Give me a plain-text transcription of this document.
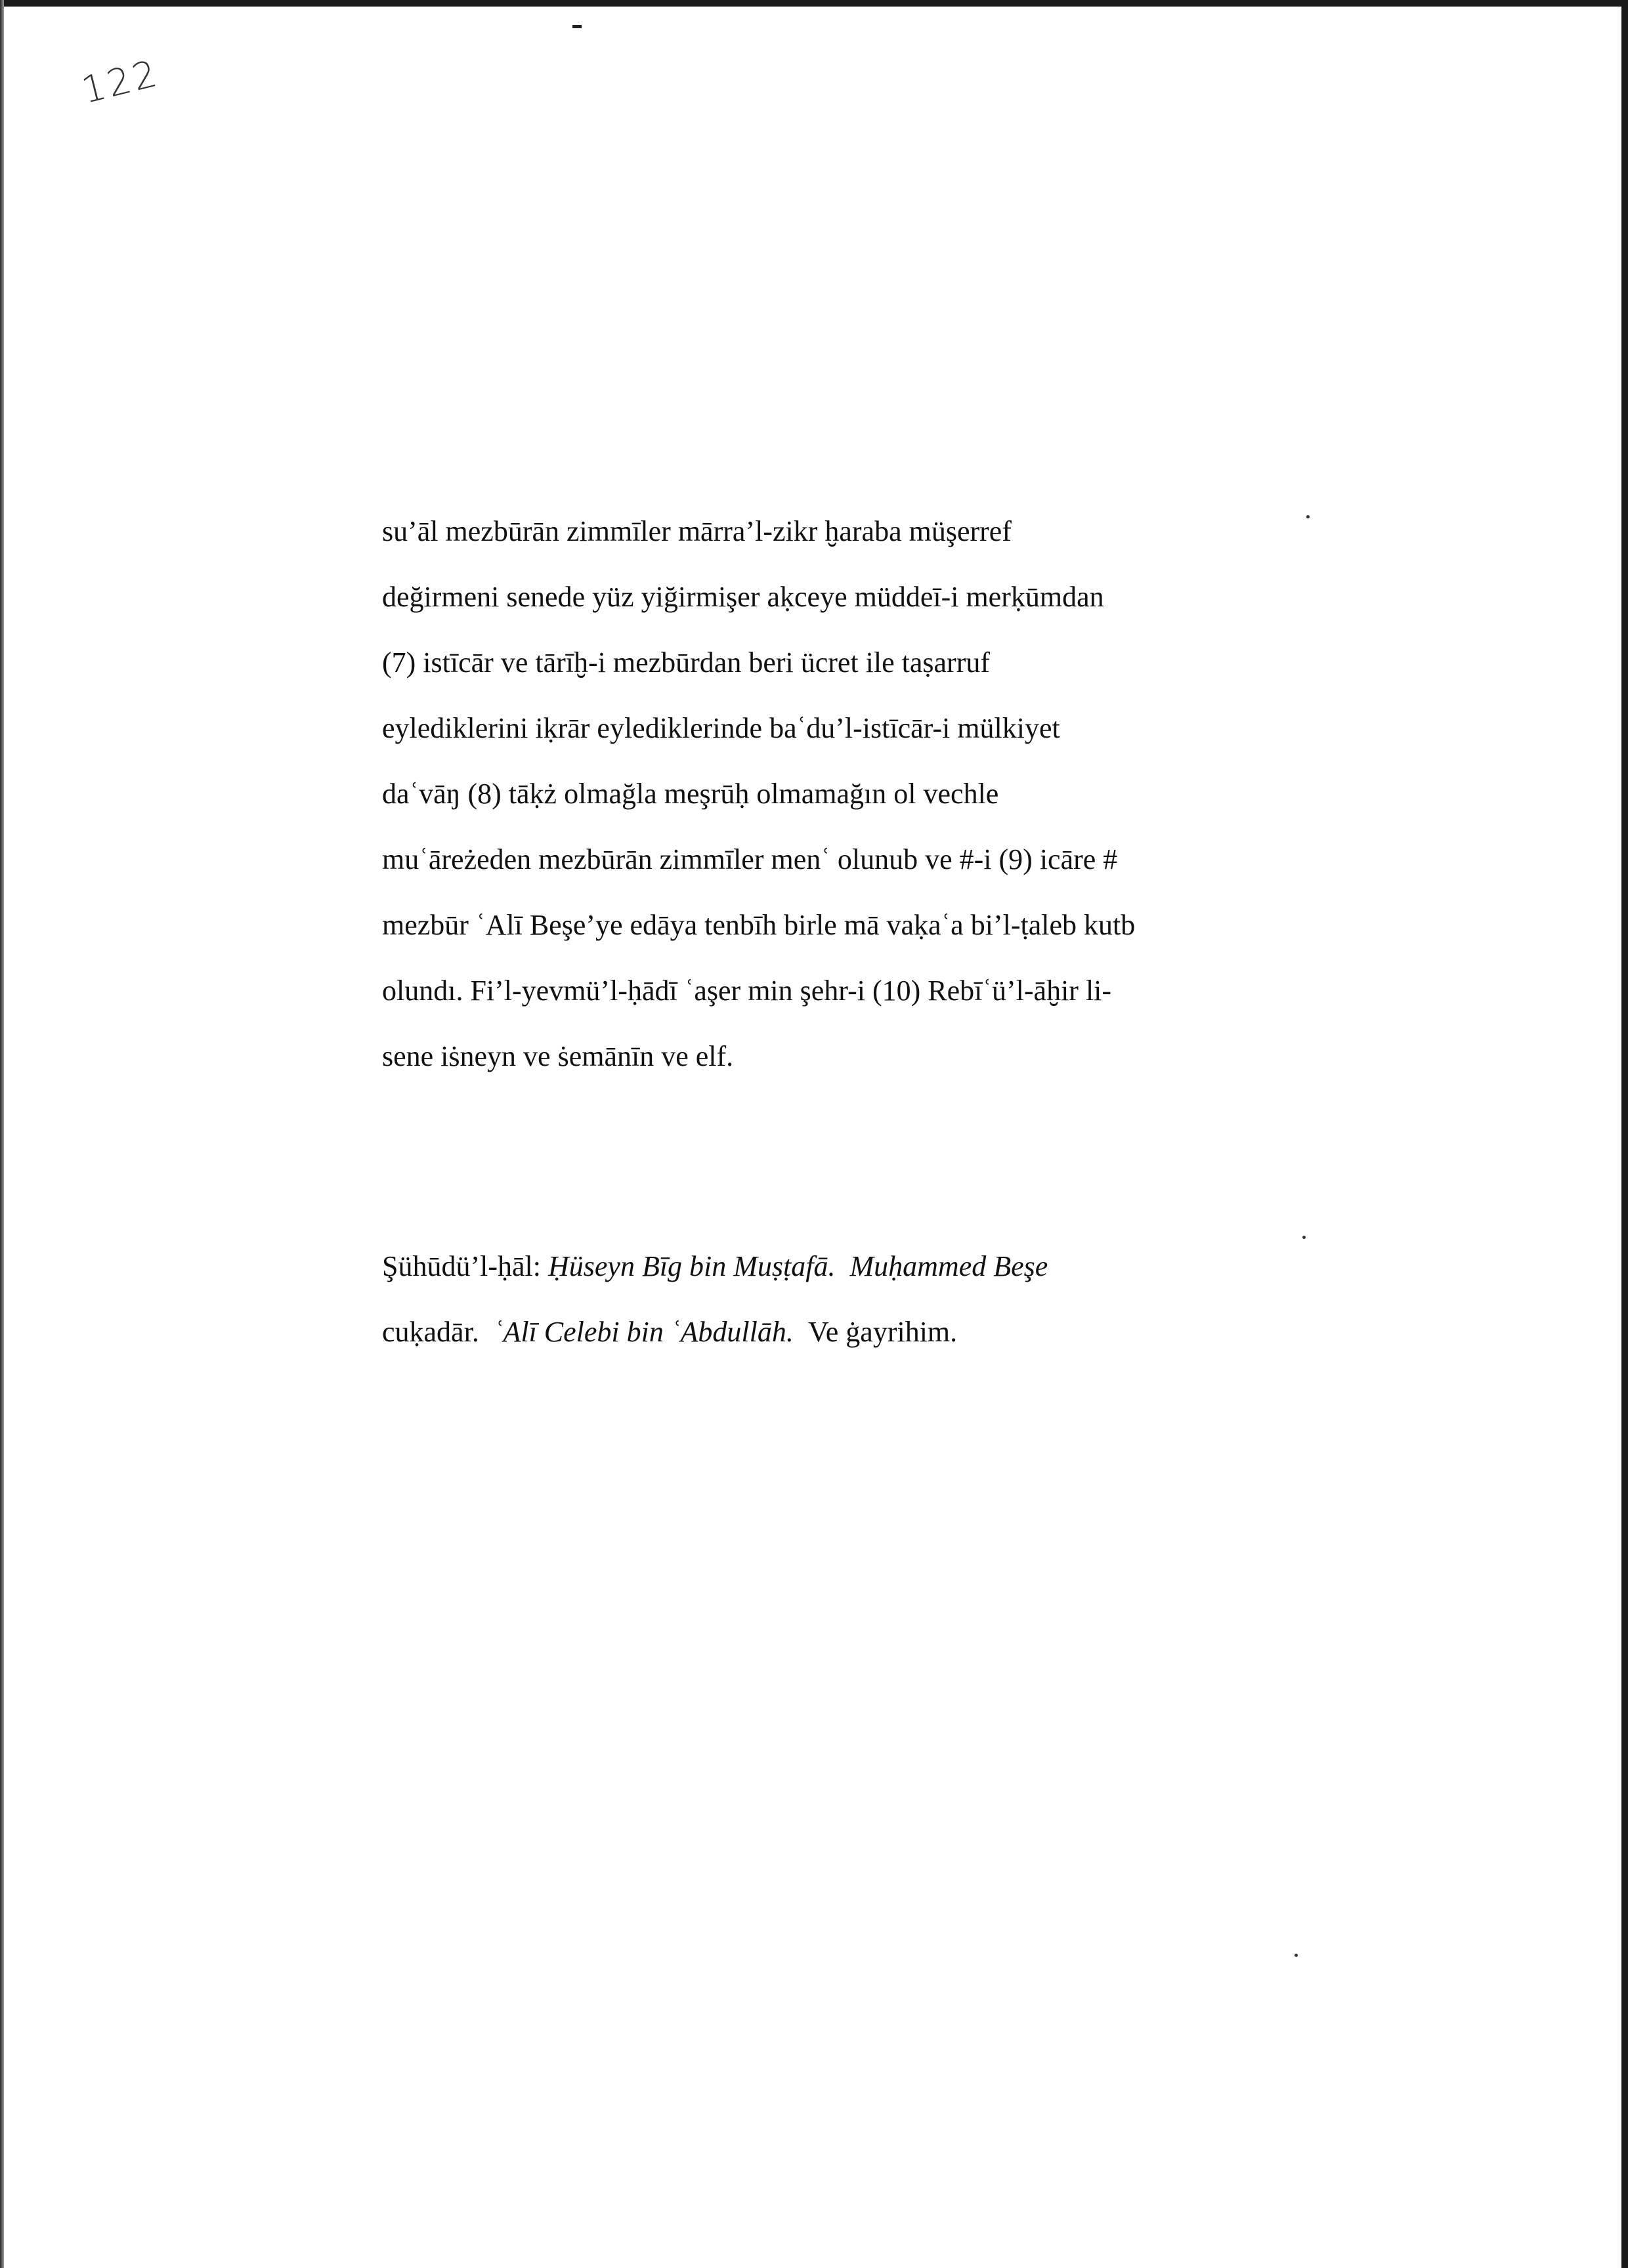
122
su’āl mezbūrān zimmīler mārra’l-zikr ḫaraba müşerref
değirmeni senede yüz yiğirmişer aḳceye müddeī-i merḳūmdan
(7) istīcār ve tārīḫ-i mezbūrdan beri ücret ile taṣarruf
eylediklerini iḳrār eylediklerinde baʿdu’l-istīcār-i mülkiyet
daʿvāŋ (8) tāḳż olmağla meşrūḥ olmamağın ol vechle
muʿāreżeden mezbūrān zimmīler menʿ olunub ve #-i (9) icāre #
mezbūr ʿAlī Beşe’ye edāya tenbīh birle mā vaḳaʿa bi’l-ṭaleb kutb
olundı. Fi’l-yevmü’l-ḥādī ʿaşer min şehr-i (10) Rebīʿü’l-āḫir li-
sene iṡneyn ve ṡemānīn ve elf.
Şühūdü’l-ḥāl: Ḥüseyn Bīg bin Muṣṭafā. Muḥammed Beşe
cuḳadār. ʿAlī Celebi bin ʿAbdullāh. Ve ġayrihim.
